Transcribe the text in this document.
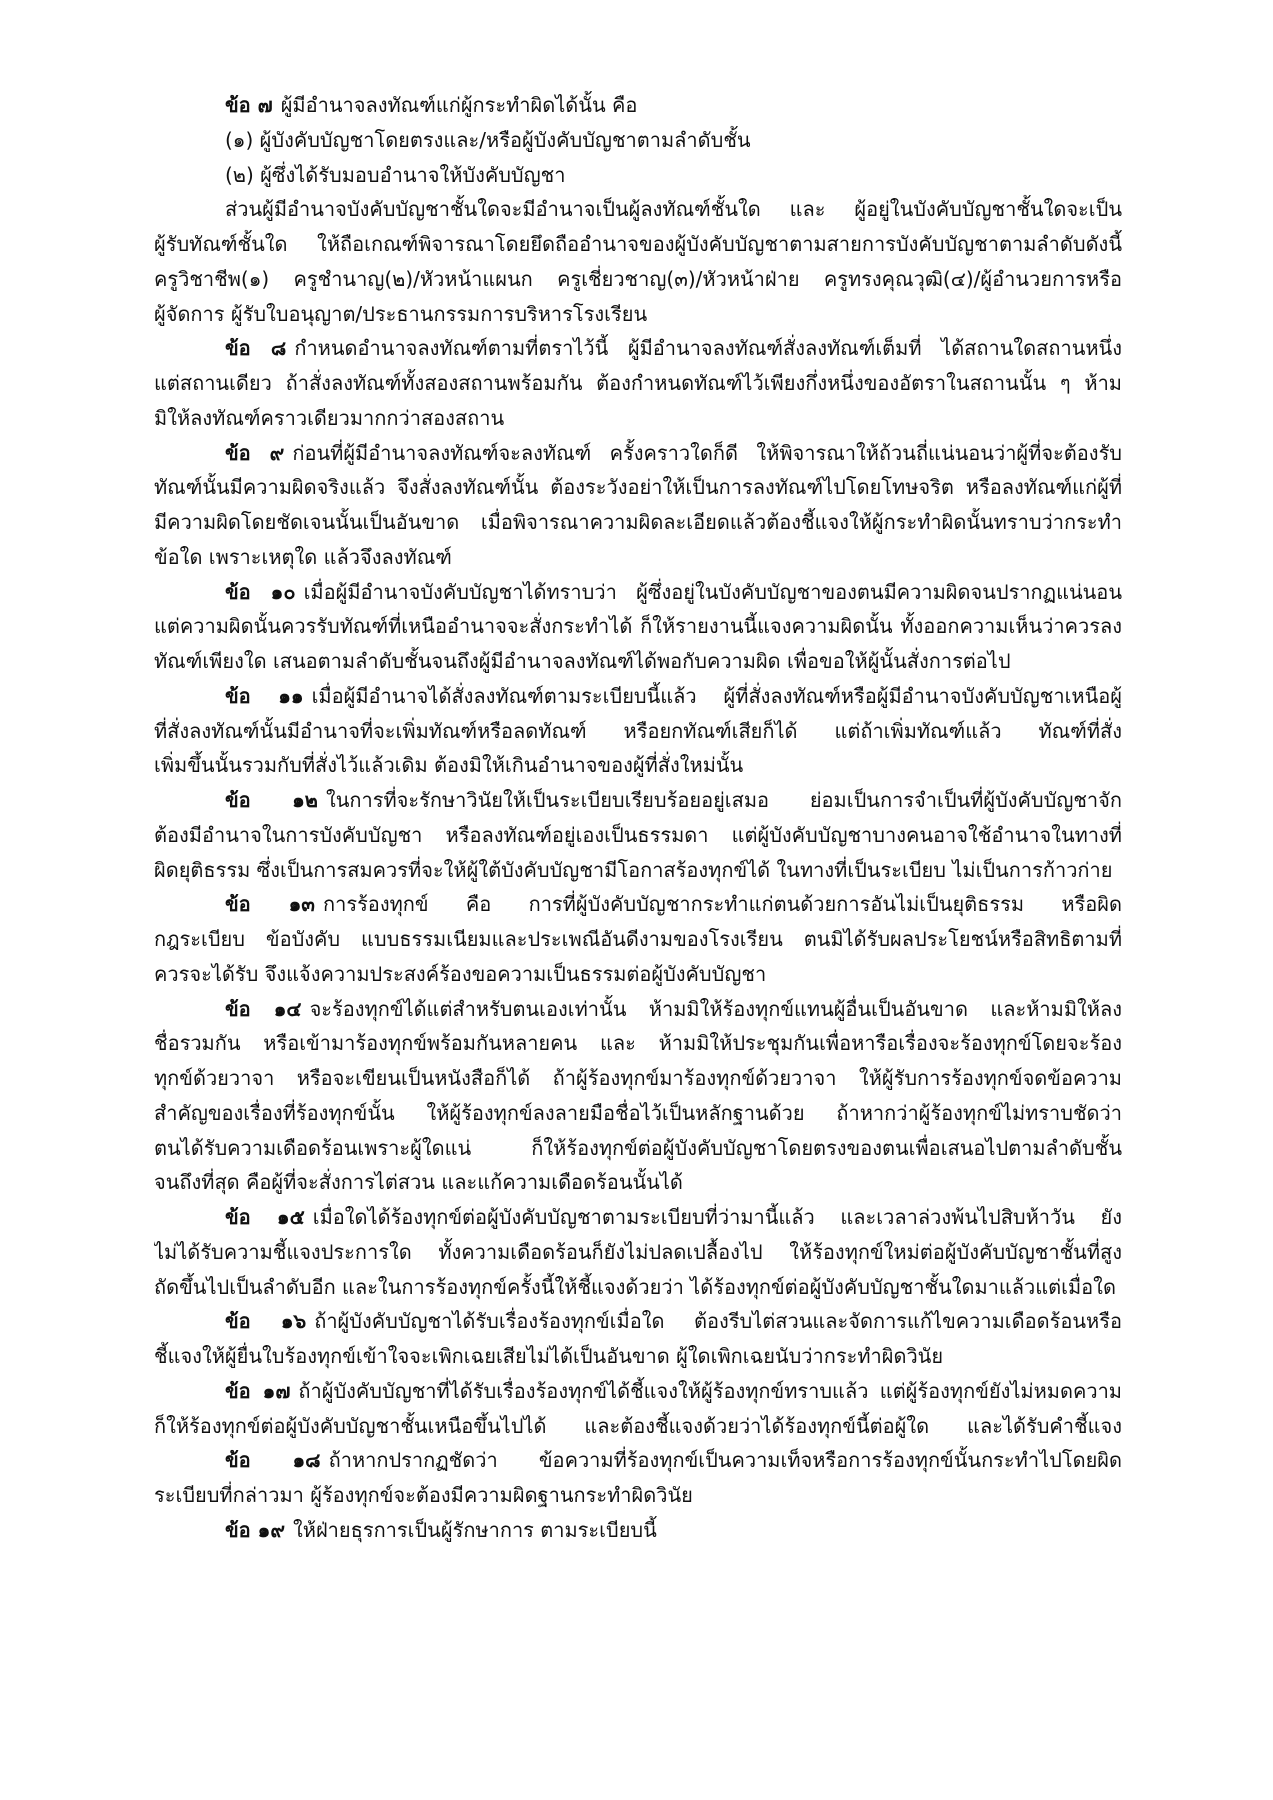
ข้อ ๗ ผู้มีอำนาจลงทัณฑ์แก่ผู้กระทำผิดได้นั้น คือ
(๑) ผู้บังคับบัญชาโดยตรงและ/หรือผู้บังคับบัญชาตามลำดับชั้น
(๒) ผู้ซึ่งได้รับมอบอำนาจให้บังคับบัญชา
ส่วนผู้มีอำนาจบังคับบัญชาชั้นใดจะมีอำนาจเป็นผู้ลงทัณฑ์ชั้นใด และ ผู้อยู่ในบังคับบัญชาชั้นใดจะเป็น
ผู้รับทัณฑ์ชั้นใด ให้ถือเกณฑ์พิจารณาโดยยึดถืออำนาจของผู้บังคับบัญชาตามสายการบังคับบัญชาตามลำดับดังนี้
ครูวิชาชีพ(๑) ครูชำนาญ(๒)/หัวหน้าแผนก ครูเชี่ยวชาญ(๓)/หัวหน้าฝ่าย ครูทรงคุณวุฒิ(๔)/ผู้อำนวยการหรือ
ผู้จัดการ ผู้รับใบอนุญาต/ประธานกรรมการบริหารโรงเรียน
ข้อ ๘ กำหนดอำนาจลงทัณฑ์ตามที่ตราไว้นี้ ผู้มีอำนาจลงทัณฑ์สั่งลงทัณฑ์เต็มที่ ได้สถานใดสถานหนึ่ง
แต่สถานเดียว ถ้าสั่งลงทัณฑ์ทั้งสองสถานพร้อมกัน ต้องกำหนดทัณฑ์ไว้เพียงกึ่งหนึ่งของอัตราในสถานนั้น ๆ ห้าม
มิให้ลงทัณฑ์คราวเดียวมากกว่าสองสถาน
ข้อ ๙ ก่อนที่ผู้มีอำนาจลงทัณฑ์จะลงทัณฑ์ ครั้งคราวใดก็ดี ให้พิจารณาให้ถ้วนถี่แน่นอนว่าผู้ที่จะต้องรับ
ทัณฑ์นั้นมีความผิดจริงแล้ว จึงสั่งลงทัณฑ์นั้น ต้องระวังอย่าให้เป็นการลงทัณฑ์ไปโดยโทษจริต หรือลงทัณฑ์แก่ผู้ที่
มีความผิดโดยชัดเจนนั้นเป็นอันขาด เมื่อพิจารณาความผิดละเอียดแล้วต้องชี้แจงให้ผู้กระทำผิดนั้นทราบว่ากระทำ
ข้อใด เพราะเหตุใด แล้วจึงลงทัณฑ์
ข้อ ๑๐ เมื่อผู้มีอำนาจบังคับบัญชาได้ทราบว่า ผู้ซึ่งอยู่ในบังคับบัญชาของตนมีความผิดจนปรากฏแน่นอน
แต่ความผิดนั้นควรรับทัณฑ์ที่เหนืออำนาจจะสั่งกระทำได้ ก็ให้รายงานนี้แจงความผิดนั้น ทั้งออกความเห็นว่าควรลง
ทัณฑ์เพียงใด เสนอตามลำดับชั้นจนถึงผู้มีอำนาจลงทัณฑ์ได้พอกับความผิด เพื่อขอให้ผู้นั้นสั่งการต่อไป
ข้อ ๑๑ เมื่อผู้มีอำนาจได้สั่งลงทัณฑ์ตามระเบียบนี้แล้ว ผู้ที่สั่งลงทัณฑ์หรือผู้มีอำนาจบังคับบัญชาเหนือผู้
ที่สั่งลงทัณฑ์นั้นมีอำนาจที่จะเพิ่มทัณฑ์หรือลดทัณฑ์ หรือยกทัณฑ์เสียก็ได้ แต่ถ้าเพิ่มทัณฑ์แล้ว ทัณฑ์ที่สั่ง
เพิ่มขึ้นนั้นรวมกับที่สั่งไว้แล้วเดิม ต้องมิให้เกินอำนาจของผู้ที่สั่งใหม่นั้น
ข้อ ๑๒ ในการที่จะรักษาวินัยให้เป็นระเบียบเรียบร้อยอยู่เสมอ ย่อมเป็นการจำเป็นที่ผู้บังคับบัญชาจัก
ต้องมีอำนาจในการบังคับบัญชา หรือลงทัณฑ์อยู่เองเป็นธรรมดา แต่ผู้บังคับบัญชาบางคนอาจใช้อำนาจในทางที่
ผิดยุติธรรม ซึ่งเป็นการสมควรที่จะให้ผู้ใต้บังคับบัญชามีโอกาสร้องทุกข์ได้ ในทางที่เป็นระเบียบ ไม่เป็นการก้าวก่าย
ข้อ ๑๓ การร้องทุกข์ คือ การที่ผู้บังคับบัญชากระทำแก่ตนด้วยการอันไม่เป็นยุติธรรม หรือผิด
กฎระเบียบ ข้อบังคับ แบบธรรมเนียมและประเพณีอันดีงามของโรงเรียน ตนมิได้รับผลประโยชน์หรือสิทธิตามที่
ควรจะได้รับ จึงแจ้งความประสงค์ร้องขอความเป็นธรรมต่อผู้บังคับบัญชา
ข้อ ๑๔ จะร้องทุกข์ได้แต่สำหรับตนเองเท่านั้น ห้ามมิให้ร้องทุกข์แทนผู้อื่นเป็นอันขาด และห้ามมิให้ลง
ชื่อรวมกัน หรือเข้ามาร้องทุกข์พร้อมกันหลายคน และ ห้ามมิให้ประชุมกันเพื่อหารือเรื่องจะร้องทุกข์โดยจะร้อง
ทุกข์ด้วยวาจา หรือจะเขียนเป็นหนังสือก็ได้ ถ้าผู้ร้องทุกข์มาร้องทุกข์ด้วยวาจา ให้ผู้รับการร้องทุกข์จดข้อความ
สำคัญของเรื่องที่ร้องทุกข์นั้น ให้ผู้ร้องทุกข์ลงลายมือชื่อไว้เป็นหลักฐานด้วย ถ้าหากว่าผู้ร้องทุกข์ไม่ทราบชัดว่า
ตนได้รับความเดือดร้อนเพราะผู้ใดแน่ ก็ให้ร้องทุกข์ต่อผู้บังคับบัญชาโดยตรงของตนเพื่อเสนอไปตามลำดับชั้น
จนถึงที่สุด คือผู้ที่จะสั่งการไต่สวน และแก้ความเดือดร้อนนั้นได้
ข้อ ๑๕ เมื่อใดได้ร้องทุกข์ต่อผู้บังคับบัญชาตามระเบียบที่ว่ามานี้แล้ว และเวลาล่วงพ้นไปสิบห้าวัน ยัง
ไม่ได้รับความชี้แจงประการใด ทั้งความเดือดร้อนก็ยังไม่ปลดเปลื้องไป ให้ร้องทุกข์ใหม่ต่อผู้บังคับบัญชาชั้นที่สูง
ถัดขึ้นไปเป็นลำดับอีก และในการร้องทุกข์ครั้งนี้ให้ชี้แจงด้วยว่า ได้ร้องทุกข์ต่อผู้บังคับบัญชาชั้นใดมาแล้วแต่เมื่อใด
ข้อ ๑๖ ถ้าผู้บังคับบัญชาได้รับเรื่องร้องทุกข์เมื่อใด ต้องรีบไต่สวนและจัดการแก้ไขความเดือดร้อนหรือ
ชี้แจงให้ผู้ยื่นใบร้องทุกข์เข้าใจจะเพิกเฉยเสียไม่ได้เป็นอันขาด ผู้ใดเพิกเฉยนับว่ากระทำผิดวินัย
ข้อ ๑๗ ถ้าผู้บังคับบัญชาที่ได้รับเรื่องร้องทุกข์ได้ชี้แจงให้ผู้ร้องทุกข์ทราบแล้ว แต่ผู้ร้องทุกข์ยังไม่หมดความ
ก็ให้ร้องทุกข์ต่อผู้บังคับบัญชาชั้นเหนือขึ้นไปได้ และต้องชี้แจงด้วยว่าได้ร้องทุกข์นี้ต่อผู้ใด และได้รับคำชี้แจง
ข้อ ๑๘ ถ้าหากปรากฏชัดว่า ข้อความที่ร้องทุกข์เป็นความเท็จหรือการร้องทุกข์นั้นกระทำไปโดยผิด
ระเบียบที่กล่าวมา ผู้ร้องทุกข์จะต้องมีความผิดฐานกระทำผิดวินัย
ข้อ ๑๙ ให้ฝ่ายธุรการเป็นผู้รักษาการ ตามระเบียบนี้
